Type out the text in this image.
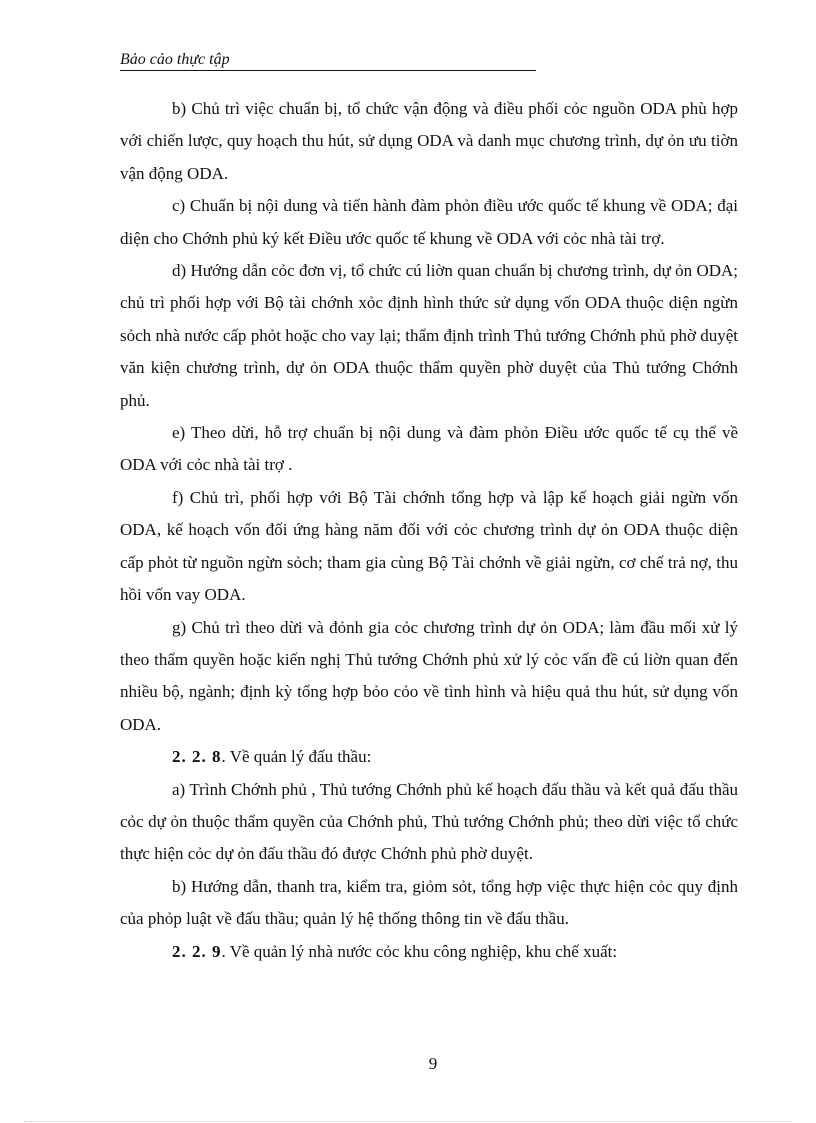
Bảo cảo thực tập

b) Chủ trì việc chuẩn bị, tổ chức vận động và điều phối cỏc nguồn ODA phù hợp với chiến lược, quy hoạch thu hút, sử dụng ODA và danh mục chương trình, dự ỏn ưu tiờn vận động ODA.

c) Chuẩn bị nội dung và tiến hành đàm phỏn điều ước quốc tế khung về ODA; đại diện cho Chớnh phủ ký kết Điều ước quốc tế khung về ODA với cỏc nhà tài trợ.

d) Hướng dẫn cỏc đơn vị, tổ chức cú liờn quan chuẩn bị chương trình, dự ỏn ODA; chủ trì phối hợp với Bộ tài chớnh xỏc định hình thức sử dụng vốn ODA thuộc diện ngừn sỏch nhà nước cấp phỏt hoặc cho vay lại; thẩm định trình Thủ tướng Chớnh phủ phờ duyệt văn kiện chương trình, dự ỏn ODA thuộc thẩm quyền phờ duyệt của Thủ tướng Chớnh phủ.

e) Theo dừi, hỗ trợ chuẩn bị nội dung và đàm phỏn Điều ước quốc tế cụ thể về ODA với cỏc nhà tài trợ .

f) Chủ trì, phối hợp với Bộ Tài chớnh tổng hợp và lập kế hoạch giải ngừn vốn ODA, kế hoạch vốn đối ứng hàng năm đối với cỏc chương trình dự ỏn ODA thuộc diện cấp phỏt từ nguồn ngừn sỏch; tham gia cùng Bộ Tài chớnh về giải ngừn, cơ chế trả nợ, thu hồi vốn vay ODA.

g) Chủ trì theo dừi và đỏnh gia cỏc chương trình dự ỏn ODA; làm đầu mối xử lý theo thẩm quyền hoặc kiến nghị Thủ tướng Chớnh phủ xử lý cỏc vấn đề cú liờn quan đến nhiều bộ, ngành; định kỳ tổng hợp bỏo cỏo về tình hình và hiệu quả thu hút, sử dụng vốn ODA.

2. 2. 8. Về quản lý đấu thầu:

a) Trình Chớnh phủ , Thủ tướng Chớnh phủ kế hoạch đấu thầu và kết quả đấu thầu cỏc dự ỏn thuộc thẩm quyền của Chớnh phủ, Thủ tướng Chớnh phủ; theo dừi việc tổ chức thực hiện cỏc dự ỏn đấu thầu đó được Chớnh phủ phờ duyệt.

b) Hướng dẫn, thanh tra, kiểm tra, giỏm sỏt, tổng hợp việc thực hiện cỏc quy định của phỏp luật về đấu thầu; quản lý hệ thống thông tin về đấu thầu.

2. 2. 9. Về quản lý nhà nước cỏc khu công nghiệp, khu chế xuất:

9
